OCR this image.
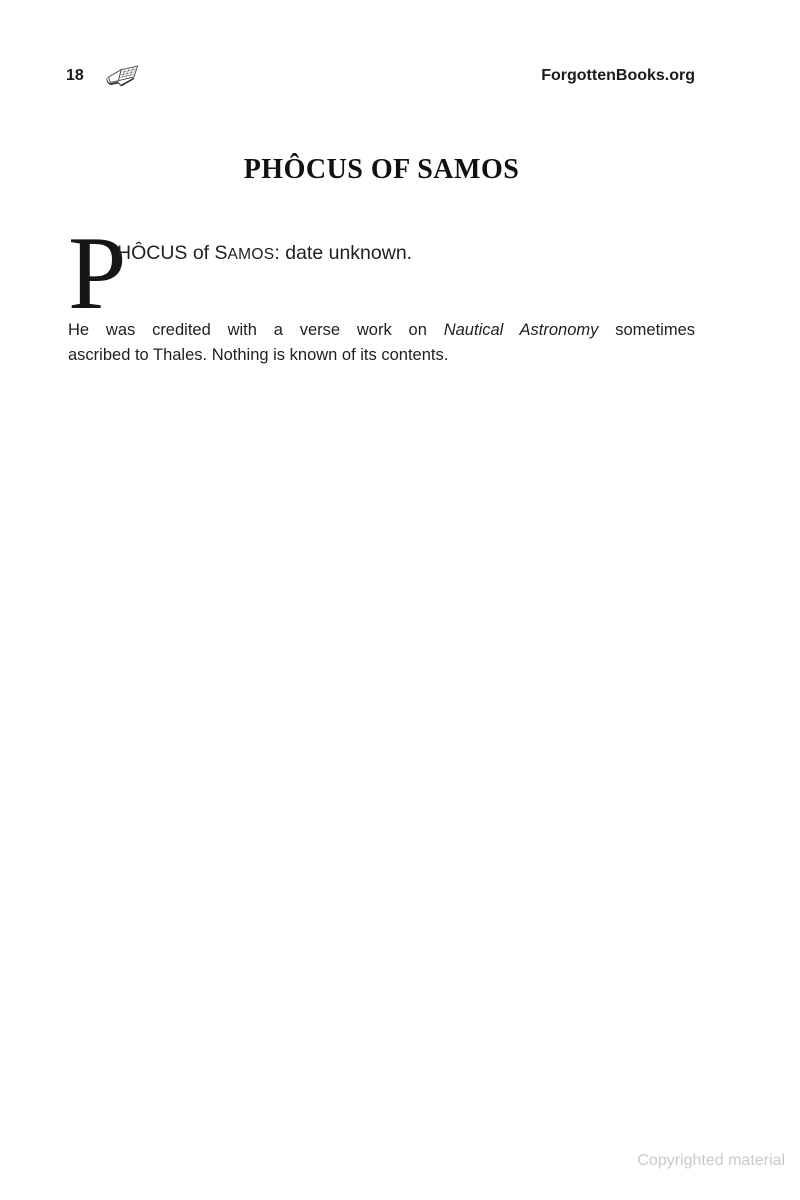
18	ForgottenBooks.org
PHÔCUS OF SAMOS
P
HÔCUS of SAMOS: date unknown.
He was credited with a verse work on Nautical Astronomy sometimes
ascribed to Thales. Nothing is known of its contents.
Copyrighted material
